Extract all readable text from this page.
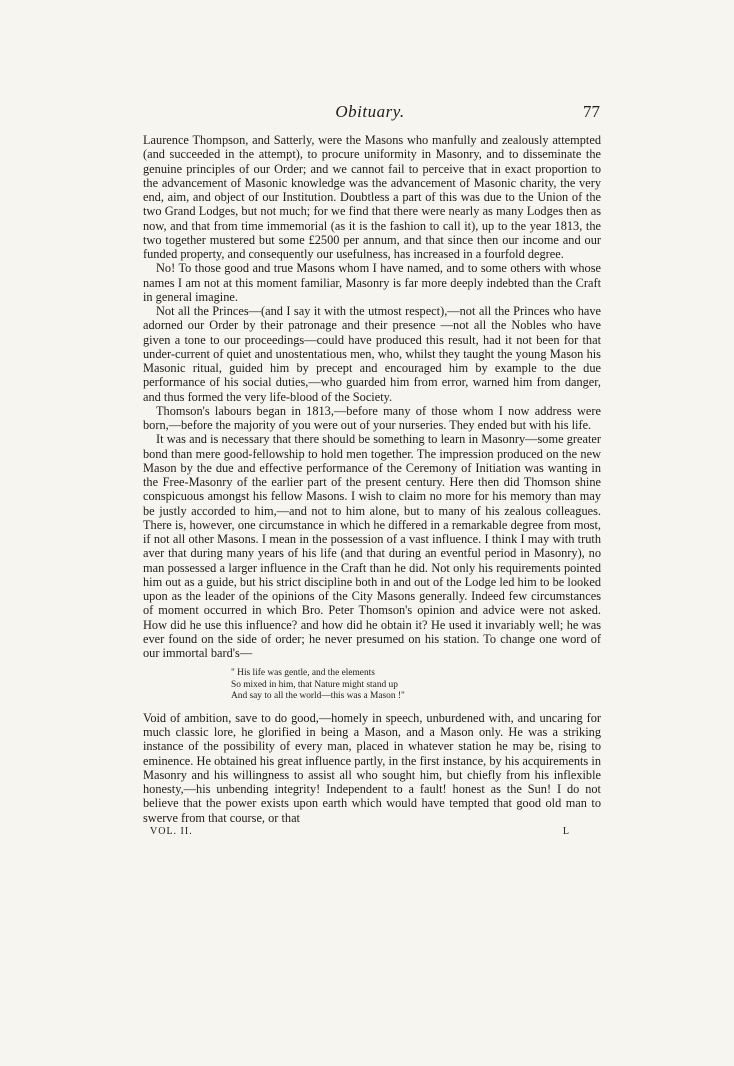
Obituary.	77

Laurence Thompson, and Satterly, were the Masons who manfully and zealously attempted (and succeeded in the attempt), to procure uniformity in Masonry, and to disseminate the genuine principles of our Order; and we cannot fail to perceive that in exact proportion to the advancement of Masonic knowledge was the advancement of Masonic charity, the very end, aim, and object of our Institution. Doubtless a part of this was due to the Union of the two Grand Lodges, but not much; for we find that there were nearly as many Lodges then as now, and that from time immemorial (as it is the fashion to call it), up to the year 1813, the two together mustered but some £2500 per annum, and that since then our income and our funded property, and consequently our usefulness, has increased in a fourfold degree.

No! To those good and true Masons whom I have named, and to some others with whose names I am not at this moment familiar, Masonry is far more deeply indebted than the Craft in general imagine.

Not all the Princes—(and I say it with the utmost respect),—not all the Princes who have adorned our Order by their patronage and their presence —not all the Nobles who have given a tone to our proceedings—could have produced this result, had it not been for that under-current of quiet and unostentatious men, who, whilst they taught the young Mason his Masonic ritual, guided him by precept and encouraged him by example to the due performance of his social duties,—who guarded him from error, warned him from danger, and thus formed the very life-blood of the Society.

Thomson's labours began in 1813,—before many of those whom I now address were born,—before the majority of you were out of your nurseries. They ended but with his life.

It was and is necessary that there should be something to learn in Masonry—some greater bond than mere good-fellowship to hold men together. The impression produced on the new Mason by the due and effective performance of the Ceremony of Initiation was wanting in the Free-Masonry of the earlier part of the present century. Here then did Thomson shine conspicuous amongst his fellow Masons. I wish to claim no more for his memory than may be justly accorded to him,—and not to him alone, but to many of his zealous colleagues. There is, however, one circumstance in which he differed in a remarkable degree from most, if not all other Masons. I mean in the possession of a vast influence. I think I may with truth aver that during many years of his life (and that during an eventful period in Masonry), no man possessed a larger influence in the Craft than he did. Not only his requirements pointed him out as a guide, but his strict discipline both in and out of the Lodge led him to be looked upon as the leader of the opinions of the City Masons generally. Indeed few circumstances of moment occurred in which Bro. Peter Thomson's opinion and advice were not asked. How did he use this influence? and how did he obtain it? He used it invariably well; he was ever found on the side of order; he never presumed on his station. To change one word of our immortal bard's—

" His life was gentle, and the elements
So mixed in him, that Nature might stand up
And say to all the world—this was a Mason !"

Void of ambition, save to do good,—homely in speech, unburdened with, and uncaring for much classic lore, he glorified in being a Mason, and a Mason only. He was a striking instance of the possibility of every man, placed in whatever station he may be, rising to eminence. He obtained his great influence partly, in the first instance, by his acquirements in Masonry and his willingness to assist all who sought him, but chiefly from his inflexible honesty,—his unbending integrity! Independent to a fault! honest as the Sun! I do not believe that the power exists upon earth which would have tempted that good old man to swerve from that course, or that

VOL. II.	L
